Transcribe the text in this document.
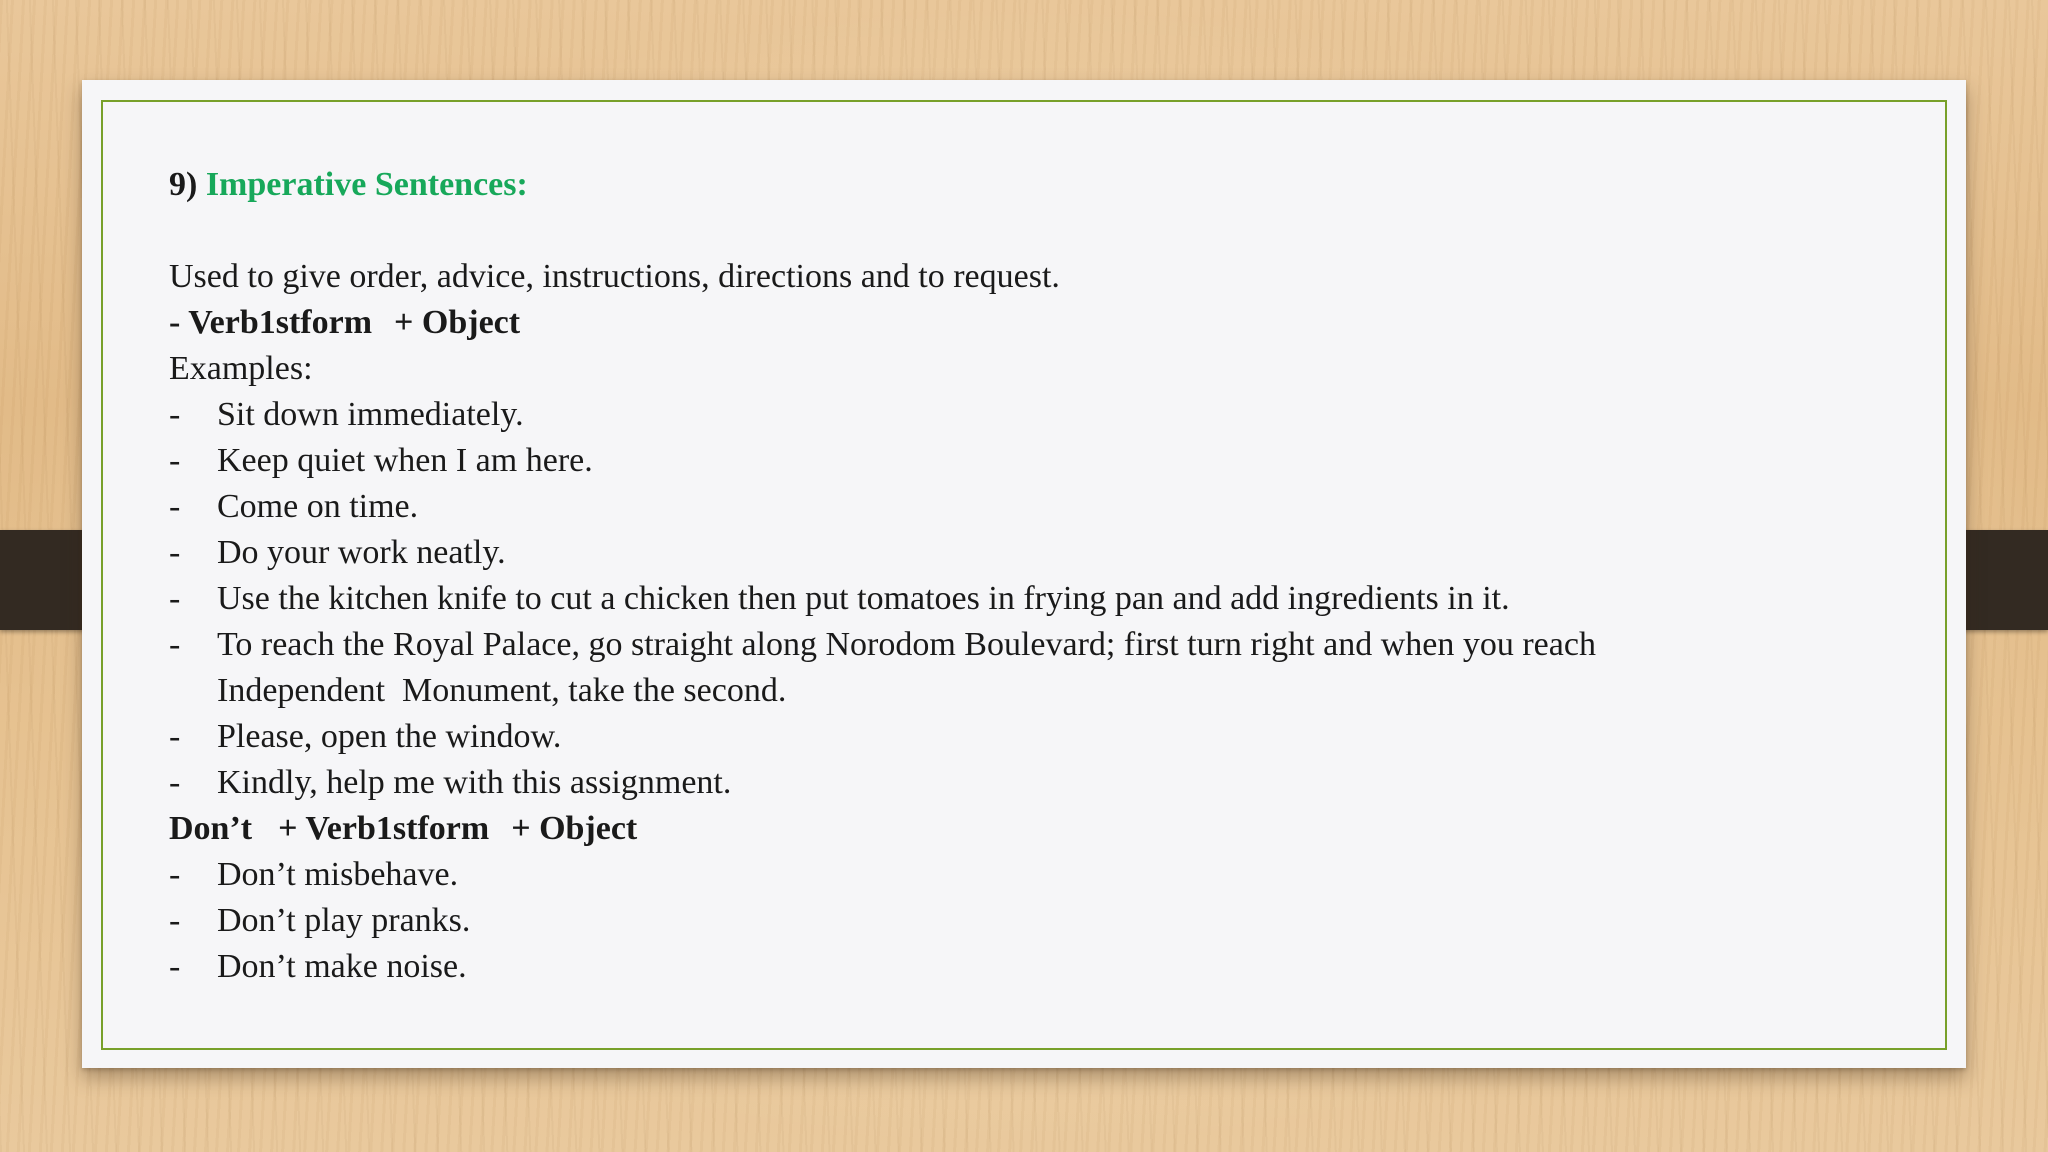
9) Imperative Sentences:
Used to give order, advice, instructions, directions and to request.
- Verb1stform + Object
Examples:
- Sit down immediately.
- Keep quiet when I am here.
- Come on time.
- Do your work neatly.
- Use the kitchen knife to cut a chicken then put tomatoes in frying pan and add ingredients in it.
- To reach the Royal Palace, go straight along Norodom Boulevard; first turn right and when you reach
Independent  Monument, take the second.
- Please, open the window.
- Kindly, help me with this assignment.
Don’t + Verb1stform + Object
- Don’t misbehave.
- Don’t play pranks.
- Don’t make noise.
